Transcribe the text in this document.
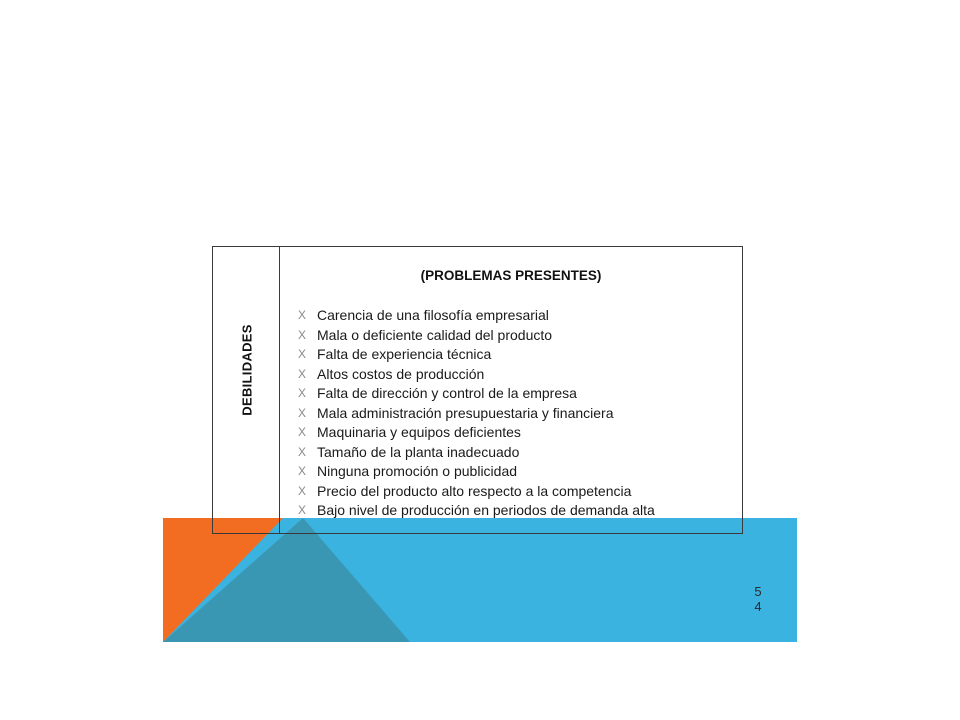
54
DEBILIDADES
(PROBLEMAS PRESENTES)
X Carencia de una filosofía empresarial
X Mala o deficiente calidad del producto
X Falta de experiencia técnica
X Altos costos de producción
X Falta de dirección y control de la empresa
X Mala administración presupuestaria y financiera
X Maquinaria y equipos deficientes
X Tamaño de la planta inadecuado
X Ninguna promoción o publicidad
X Precio del producto alto respecto a la competencia
X Bajo nivel de producción en periodos de demanda alta
